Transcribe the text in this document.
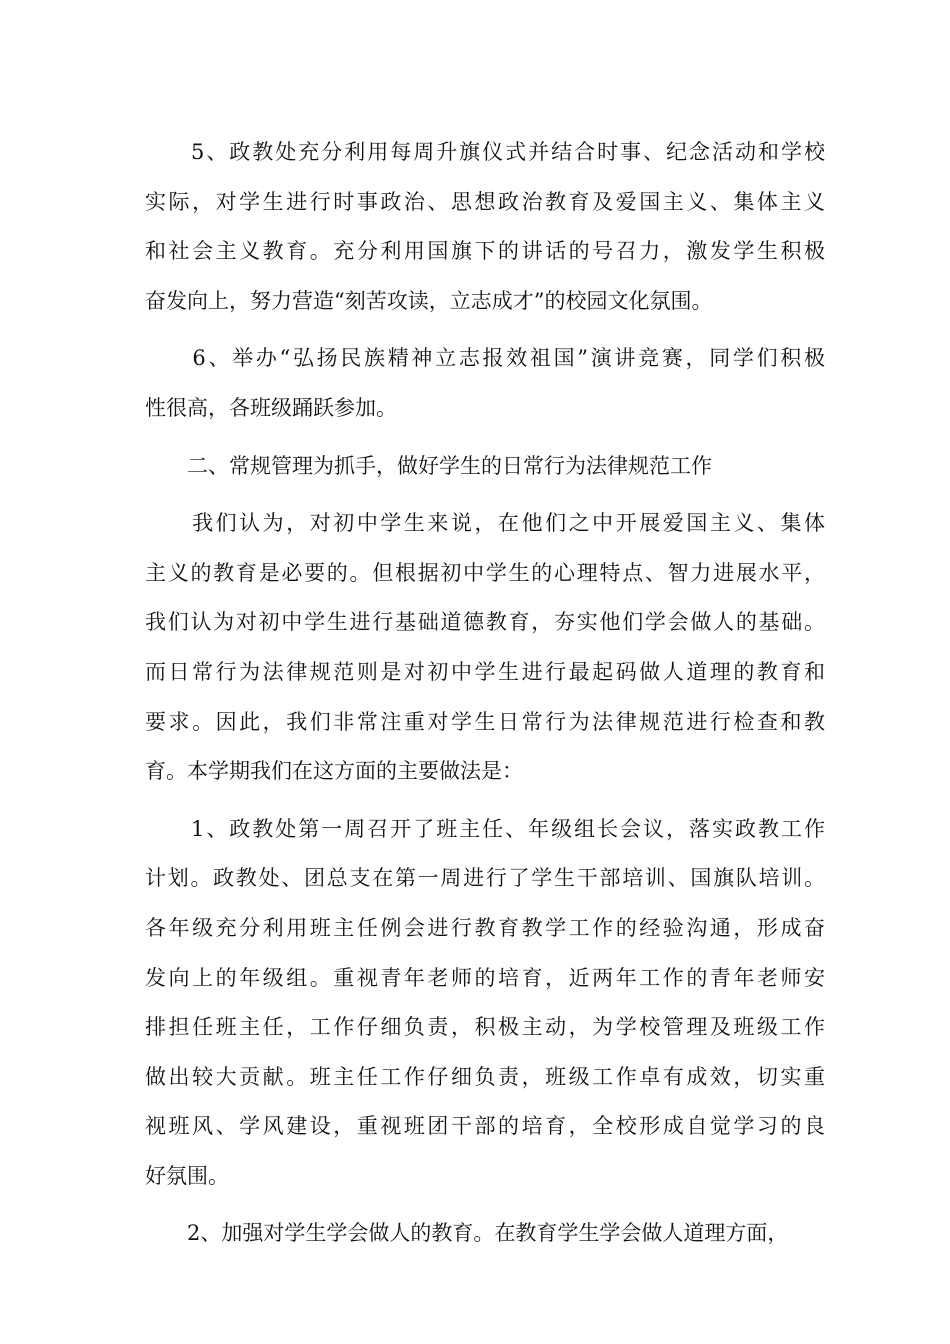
　　5、政教处充分利用每周升旗仪式并结合时事、纪念活动和学校
实际，对学生进行时事政治、思想政治教育及爱国主义、集体主义
和社会主义教育。充分利用国旗下的讲话的号召力，激发学生积极
奋发向上，努力营造“刻苦攻读，立志成才”的校园文化氛围。
　　6、举办“弘扬民族精神立志报效祖国”演讲竞赛，同学们积极
性很高，各班级踊跃参加。
　　二、常规管理为抓手，做好学生的日常行为法律规范工作
　　我们认为，对初中学生来说，在他们之中开展爱国主义、集体
主义的教育是必要的。但根据初中学生的心理特点、智力进展水平，
我们认为对初中学生进行基础道德教育，夯实他们学会做人的基础。
而日常行为法律规范则是对初中学生进行最起码做人道理的教育和
要求。因此，我们非常注重对学生日常行为法律规范进行检查和教
育。本学期我们在这方面的主要做法是：
　　1、政教处第一周召开了班主任、年级组长会议，落实政教工作
计划。政教处、团总支在第一周进行了学生干部培训、国旗队培训。
各年级充分利用班主任例会进行教育教学工作的经验沟通，形成奋
发向上的年级组。重视青年老师的培育，近两年工作的青年老师安
排担任班主任，工作仔细负责，积极主动，为学校管理及班级工作
做出较大贡献。班主任工作仔细负责，班级工作卓有成效，切实重
视班风、学风建设，重视班团干部的培育，全校形成自觉学习的良
好氛围。
　　2、加强对学生学会做人的教育。在教育学生学会做人道理方面，
